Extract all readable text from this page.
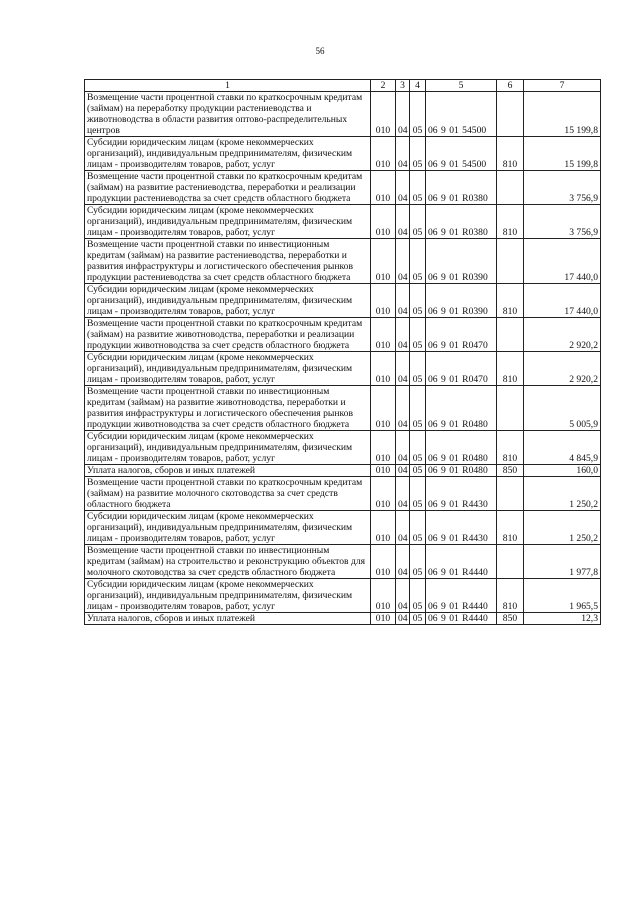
56
1	2	3	4	5	6	7
Возмещение части процентной ставки по краткосрочным кредитам (займам) на переработку продукции растениеводства и животноводства в области развития оптово-распределительных центров	010	04	05	06 9 01 54500		15 199,8
Субсидии юридическим лицам (кроме некоммерческих организаций), индивидуальным предпринимателям, физическим лицам - производителям товаров, работ, услуг	010	04	05	06 9 01 54500	810	15 199,8
Возмещение части процентной ставки по краткосрочным кредитам (займам) на развитие растениеводства, переработки и реализации продукции растениеводства за счет средств областного бюджета	010	04	05	06 9 01 R0380		3 756,9
Субсидии юридическим лицам (кроме некоммерческих организаций), индивидуальным предпринимателям, физическим лицам - производителям товаров, работ, услуг	010	04	05	06 9 01 R0380	810	3 756,9
Возмещение части процентной ставки по инвестиционным кредитам (займам) на развитие растениеводства, переработки и развития инфраструктуры и логистического обеспечения рынков продукции растениеводства за счет средств областного бюджета	010	04	05	06 9 01 R0390		17 440,0
Субсидии юридическим лицам (кроме некоммерческих организаций), индивидуальным предпринимателям, физическим лицам - производителям товаров, работ, услуг	010	04	05	06 9 01 R0390	810	17 440,0
Возмещение части процентной ставки по краткосрочным кредитам (займам) на развитие животноводства, переработки и реализации продукции животноводства за счет средств областного бюджета	010	04	05	06 9 01 R0470		2 920,2
Субсидии юридическим лицам (кроме некоммерческих организаций), индивидуальным предпринимателям, физическим лицам - производителям товаров, работ, услуг	010	04	05	06 9 01 R0470	810	2 920,2
Возмещение части процентной ставки по инвестиционным кредитам (займам) на развитие животноводства, переработки и развития инфраструктуры и логистического обеспечения рынков продукции животноводства за счет средств областного бюджета	010	04	05	06 9 01 R0480		5 005,9
Субсидии юридическим лицам (кроме некоммерческих организаций), индивидуальным предпринимателям, физическим лицам - производителям товаров, работ, услуг	010	04	05	06 9 01 R0480	810	4 845,9
Уплата налогов, сборов и иных платежей	010	04	05	06 9 01 R0480	850	160,0
Возмещение части процентной ставки по краткосрочным кредитам (займам) на развитие молочного скотоводства за счет средств областного бюджета	010	04	05	06 9 01 R4430		1 250,2
Субсидии юридическим лицам (кроме некоммерческих организаций), индивидуальным предпринимателям, физическим лицам - производителям товаров, работ, услуг	010	04	05	06 9 01 R4430	810	1 250,2
Возмещение части процентной ставки по инвестиционным кредитам (займам) на строительство и реконструкцию объектов для молочного скотоводства за счет средств областного бюджета	010	04	05	06 9 01 R4440		1 977,8
Субсидии юридическим лицам (кроме некоммерческих организаций), индивидуальным предпринимателям, физическим лицам - производителям товаров, работ, услуг	010	04	05	06 9 01 R4440	810	1 965,5
Уплата налогов, сборов и иных платежей	010	04	05	06 9 01 R4440	850	12,3
